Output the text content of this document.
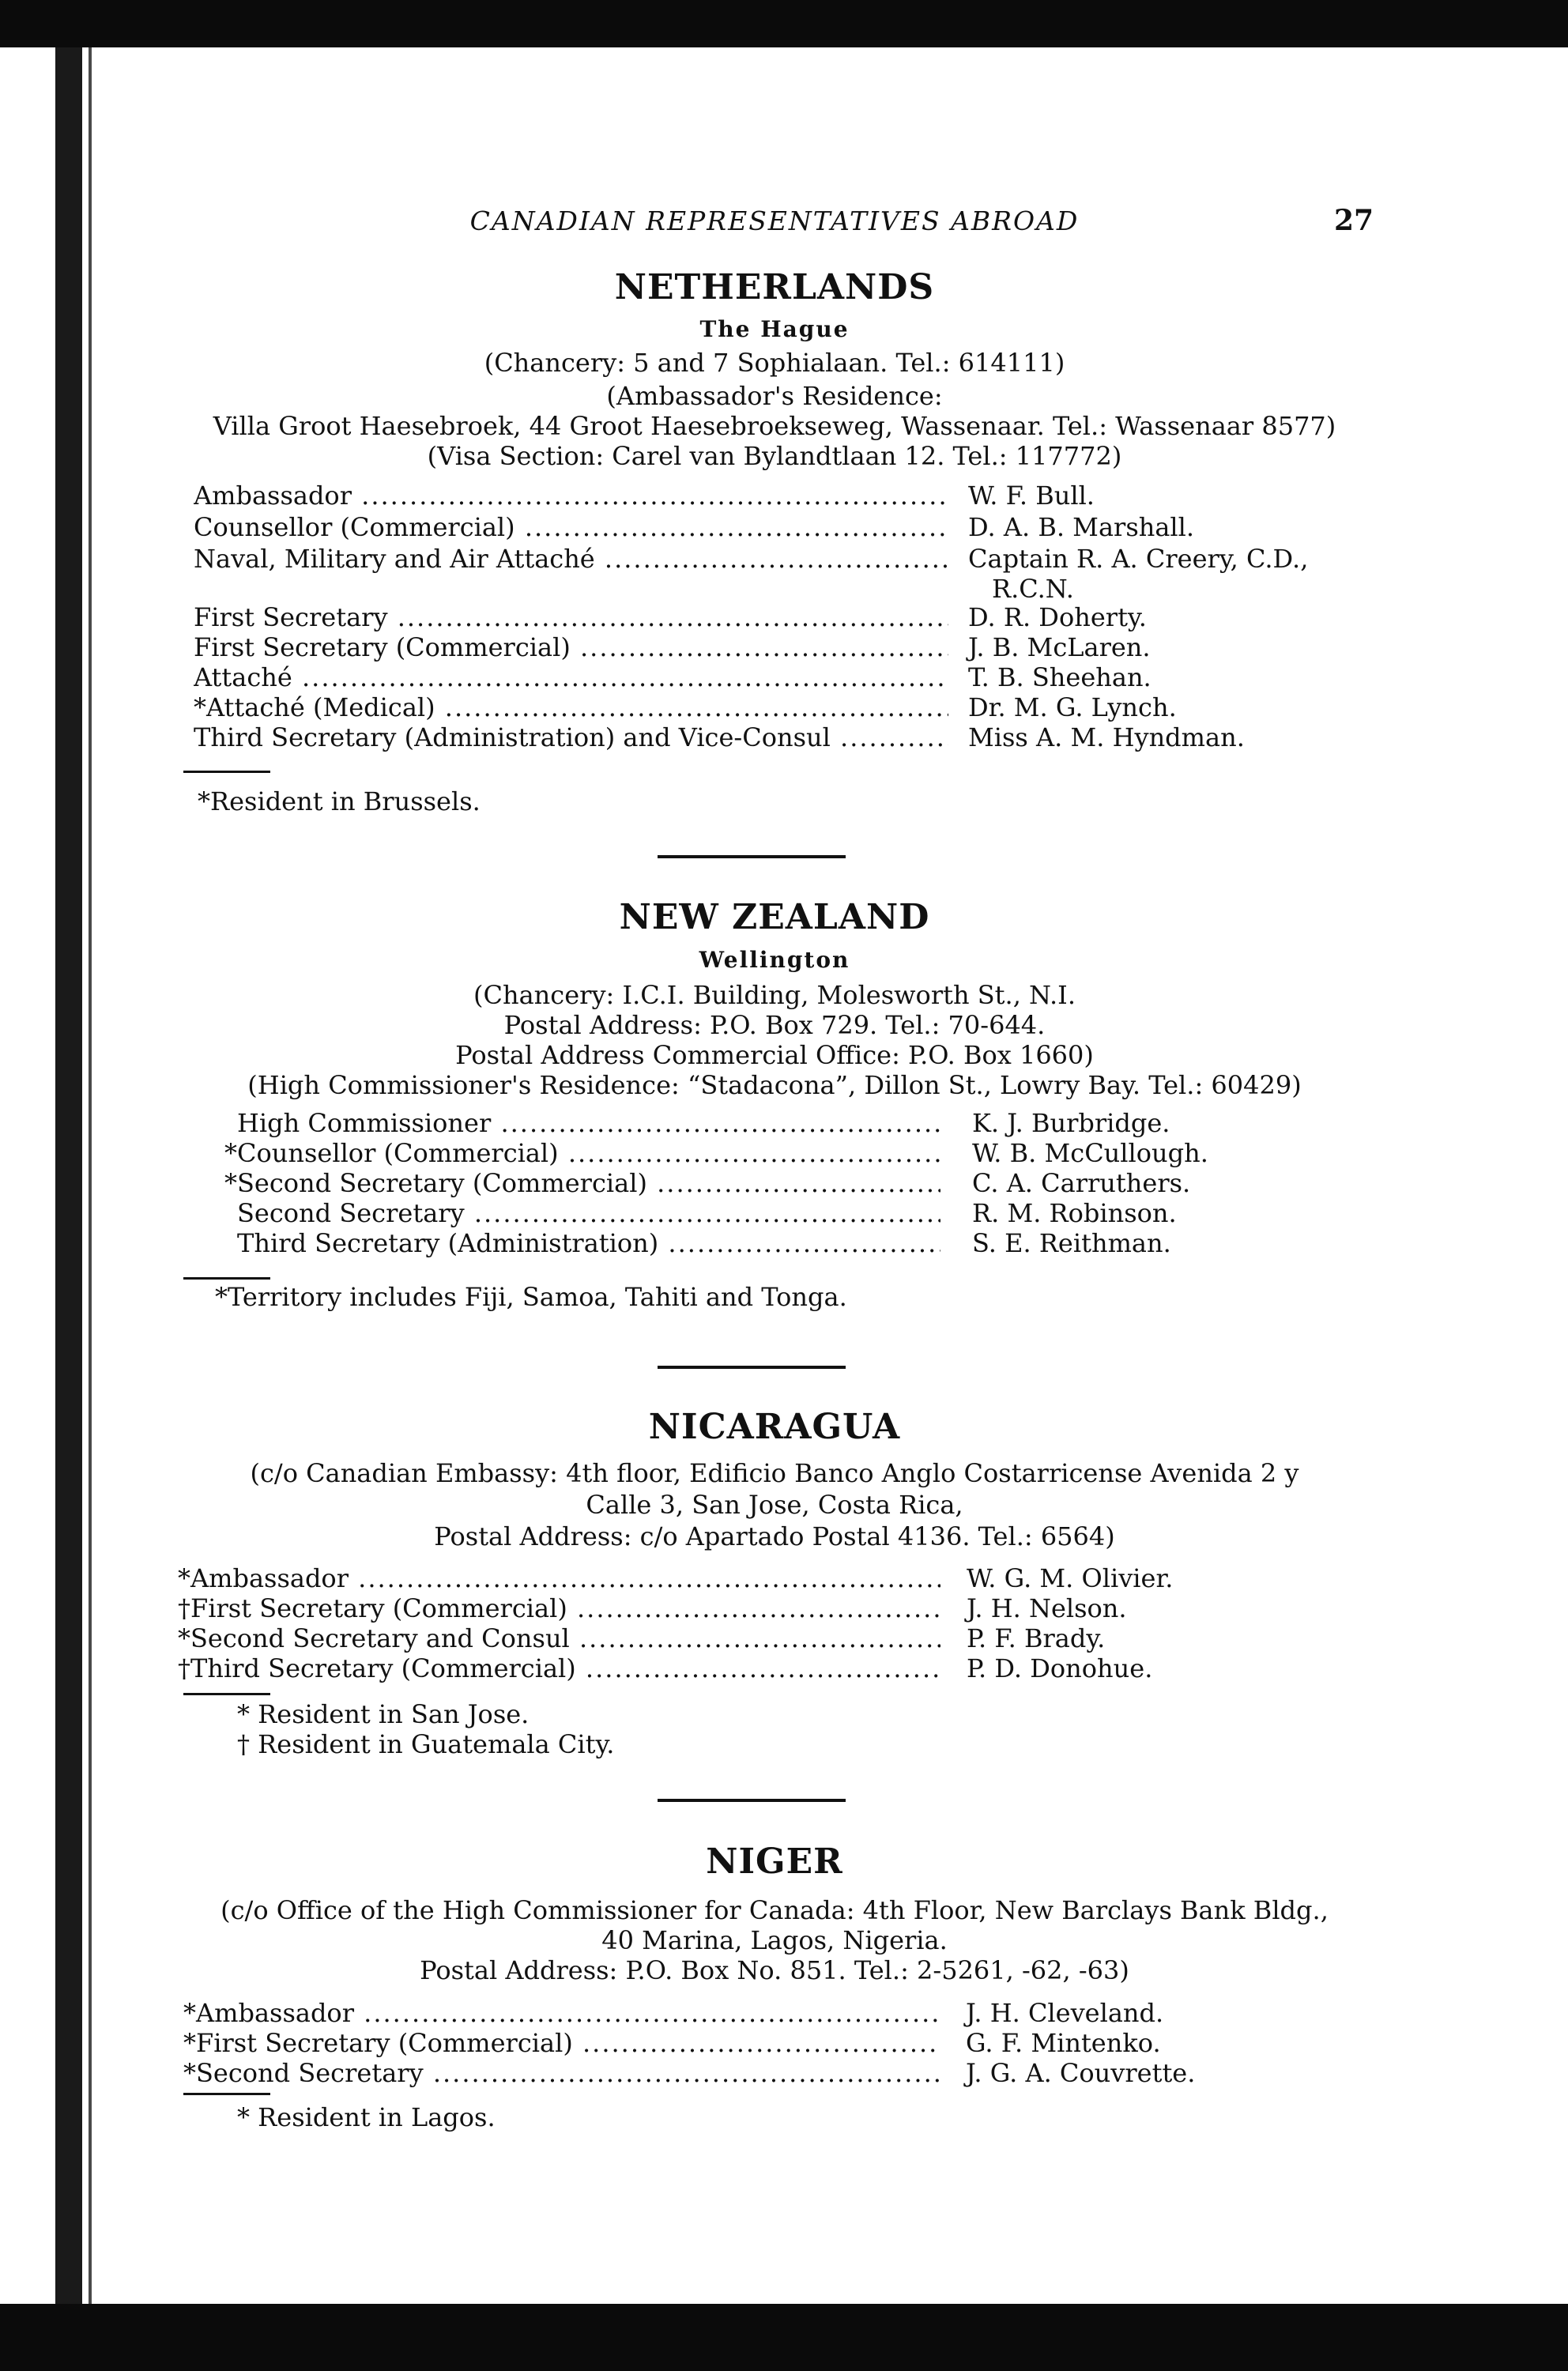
CANADIAN REPRESENTATIVES ABROAD	27
NETHERLANDS
The Hague
(Chancery: 5 and 7 Sophialaan. Tel.: 614111)
(Ambassador's Residence:
Villa Groot Haesebroek, 44 Groot Haesebroekseweg, Wassenaar. Tel.: Wassenaar 8577)
(Visa Section: Carel van Bylandtlaan 12. Tel.: 117772)
Ambassador .....	W. F. Bull.
Counsellor (Commercial) .....	D. A. B. Marshall.
Naval, Military and Air Attaché .....	Captain R. A. Creery, C.D.,
R.C.N.
First Secretary .....	D. R. Doherty.
First Secretary (Commercial) .....	J. B. McLaren.
Attaché .....	T. B. Sheehan.
*Attaché (Medical) .....	Dr. M. G. Lynch.
Third Secretary (Administration) and Vice-Consul .....	Miss A. M. Hyndman.
*Resident in Brussels.
NEW ZEALAND
Wellington
(Chancery: I.C.I. Building, Molesworth St., N.I.
Postal Address: P.O. Box 729. Tel.: 70-644.
Postal Address Commercial Office: P.O. Box 1660)
(High Commissioner's Residence: “Stadacona”, Dillon St., Lowry Bay. Tel.: 60429)
High Commissioner .....	K. J. Burbridge.
*Counsellor (Commercial) .....	W. B. McCullough.
*Second Secretary (Commercial) .....	C. A. Carruthers.
Second Secretary .....	R. M. Robinson.
Third Secretary (Administration) .....	S. E. Reithman.
*Territory includes Fiji, Samoa, Tahiti and Tonga.
NICARAGUA
(c/o Canadian Embassy: 4th floor, Edificio Banco Anglo Costarricense Avenida 2 y
Calle 3, San Jose, Costa Rica,
Postal Address: c/o Apartado Postal 4136. Tel.: 6564)
*Ambassador .....	W. G. M. Olivier.
†First Secretary (Commercial) .....	J. H. Nelson.
*Second Secretary and Consul .....	P. F. Brady.
†Third Secretary (Commercial) .....	P. D. Donohue.
* Resident in San Jose.
† Resident in Guatemala City.
NIGER
(c/o Office of the High Commissioner for Canada: 4th Floor, New Barclays Bank Bldg.,
40 Marina, Lagos, Nigeria.
Postal Address: P.O. Box No. 851. Tel.: 2-5261, -62, -63)
*Ambassador .....	J. H. Cleveland.
*First Secretary (Commercial) .....	G. F. Mintenko.
*Second Secretary .....	J. G. A. Couvrette.
* Resident in Lagos.
